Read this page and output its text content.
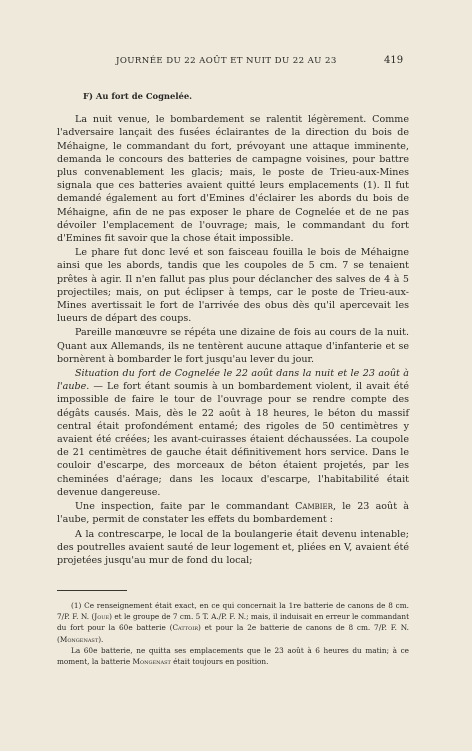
JOURNÉE DU 22 AOÛT ET NUIT DU 22 AU 23	419
F) Au fort de Cognelée.

La nuit venue, le bombardement se ralentit légèrement. Comme l'adversaire lançait des fusées éclairantes de la direction du bois de Méhaigne, le commandant du fort, prévoyant une attaque imminente, demanda le concours des batteries de campagne voisines, pour battre plus convenablement les glacis; mais, le poste de Trieu-aux-Mines signala que ces batteries avaient quitté leurs emplacements (1). Il fut demandé également au fort d'Emines d'éclairer les abords du bois de Méhaigne, afin de ne pas exposer le phare de Cognelée et de ne pas dévoiler l'emplacement de l'ouvrage; mais, le commandant du fort d'Emines fit savoir que la chose était impossible.

Le phare fut donc levé et son faisceau fouilla le bois de Méhaigne ainsi que les abords, tandis que les coupoles de 5 cm. 7 se tenaient prêtes à agir. Il n'en fallut pas plus pour déclancher des salves de 4 à 5 projectiles; mais, on put éclipser à temps, car le poste de Trieu-aux-Mines avertissait le fort de l'arrivée des obus dès qu'il apercevait les lueurs de départ des coups.

Pareille manœuvre se répéta une dizaine de fois au cours de la nuit. Quant aux Allemands, ils ne tentèrent aucune attaque d'infanterie et se bornèrent à bombarder le fort jusqu'au lever du jour.

Situation du fort de Cognelée le 22 août dans la nuit et le 23 août à l'aube. — Le fort étant soumis à un bombardement violent, il avait été impossible de faire le tour de l'ouvrage pour se rendre compte des dégâts causés. Mais, dès le 22 août à 18 heures, le béton du massif central était profondément entamé; des rigoles de 50 centimètres y avaient été créées; les avant-cuirasses étaient déchaussées. La coupole de 21 centimètres de gauche était définitivement hors service. Dans le couloir d'escarpe, des morceaux de béton étaient projetés, par les cheminées d'aérage; dans les locaux d'escarpe, l'habitabilité était devenue dangereuse.

Une inspection, faite par le commandant Cambier, le 23 août à l'aube, permit de constater les effets du bombardement :

A la contrescarpe, le local de la boulangerie était devenu intenable; des poutrelles avaient sauté de leur logement et, pliées en V, avaient été projetées jusqu'au mur de fond du local;

(1) Ce renseignement était exact, en ce qui concernait la 1re batterie de canons de 8 cm. 7/P. F. N. (Joue) et le groupe de 7 cm. 5 T. A./P. F. N.; mais, il induisait en erreur le commandant du fort pour la 60e batterie (Cattoir) et pour la 2e batterie de canons de 8 cm. 7/P. F. N. (Mongenast).

La 60e batterie, ne quitta ses emplacements que le 23 août à 6 heures du matin; à ce moment, la batterie Mongenast était toujours en position.
